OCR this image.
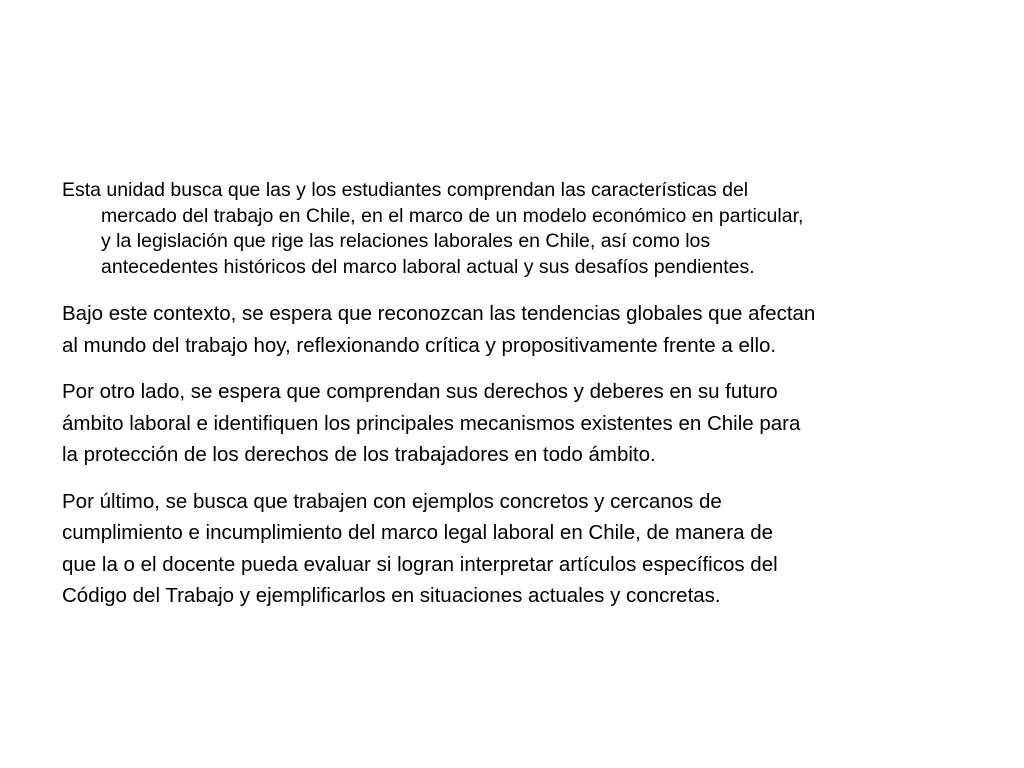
Esta unidad busca que las y los estudiantes comprendan las características del
mercado del trabajo en Chile, en el marco de un modelo económico en particular,
y la legislación que rige las relaciones laborales en Chile, así como los
antecedentes históricos del marco laboral actual y sus desafíos pendientes.
Bajo este contexto, se espera que reconozcan las tendencias globales que afectan
al mundo del trabajo hoy, reflexionando crítica y propositivamente frente a ello.
Por otro lado, se espera que comprendan sus derechos y deberes en su futuro
ámbito laboral e identifiquen los principales mecanismos existentes en Chile para
la protección de los derechos de los trabajadores en todo ámbito.
Por último, se busca que trabajen con ejemplos concretos y cercanos de
cumplimiento e incumplimiento del marco legal laboral en Chile, de manera de
que la o el docente pueda evaluar si logran interpretar artículos específicos del
Código del Trabajo y ejemplificarlos en situaciones actuales y concretas.
